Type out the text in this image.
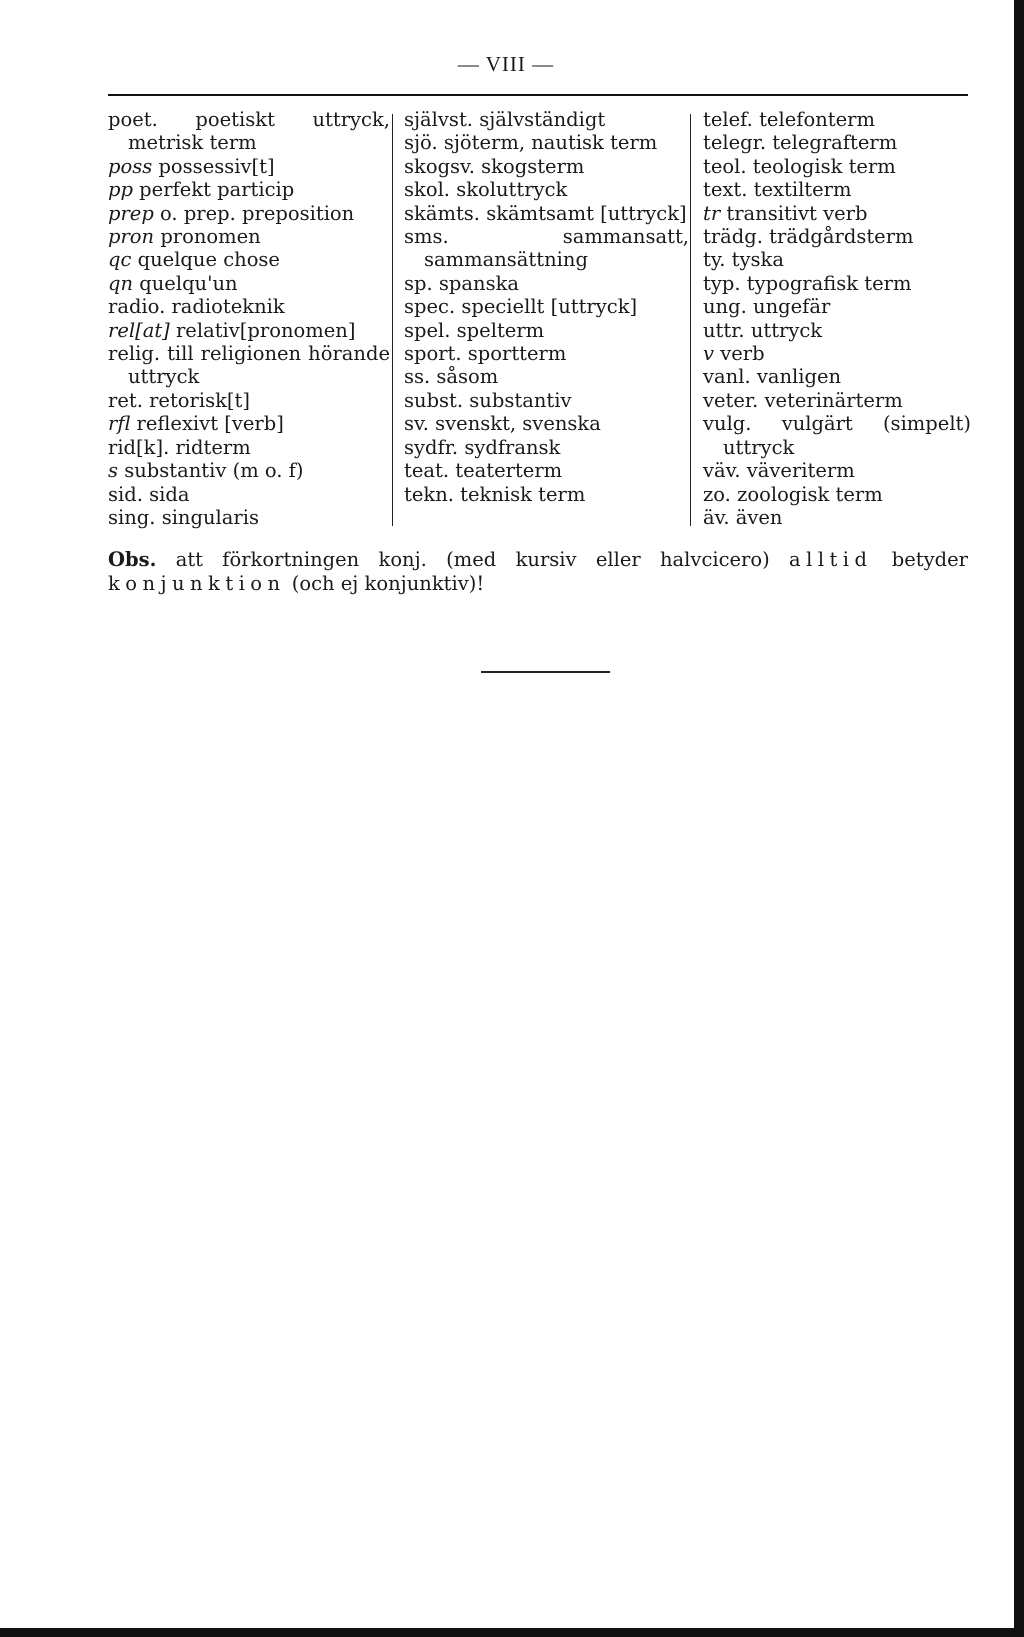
— VIII —
poet. poetiskt uttryck, metrisk term
poss possessiv[t]
pp perfekt particip
prep o. prep. preposition
pron pronomen
qc quelque chose
qn quelqu'un
radio. radioteknik
rel[at] relativ[pronomen]
relig. till religionen hörande uttryck
ret. retorisk[t]
rfl reflexivt [verb]
rid[k]. ridterm
s substantiv (m o. f)
sid. sida
sing. singularis
självst. självständigt
sjö. sjöterm, nautisk term
skogsv. skogsterm
skol. skoluttryck
skämts. skämtsamt [uttryck]
sms.	sammansatt, sammansättning
sp. spanska
spec. speciellt [uttryck]
spel. spelterm
sport. sportterm
ss. såsom
subst. substantiv
sv. svenskt, svenska
sydfr. sydfransk
teat. teaterterm
tekn. teknisk term
telef. telefonterm
telegr. telegrafterm
teol. teologisk term
text. textilterm
tr transitivt verb
trädg. trädgårdsterm
ty. tyska
typ. typografisk term
ung. ungefär
uttr. uttryck
v verb
vanl. vanligen
veter. veterinärterm
vulg. vulgärt (simpelt) uttryck
väv. väveriterm
zo. zoologisk term
äv. även
Obs. att förkortningen konj. (med kursiv eller halvcicero) alltid betyder konjunktion (och ej konjunktiv)!
